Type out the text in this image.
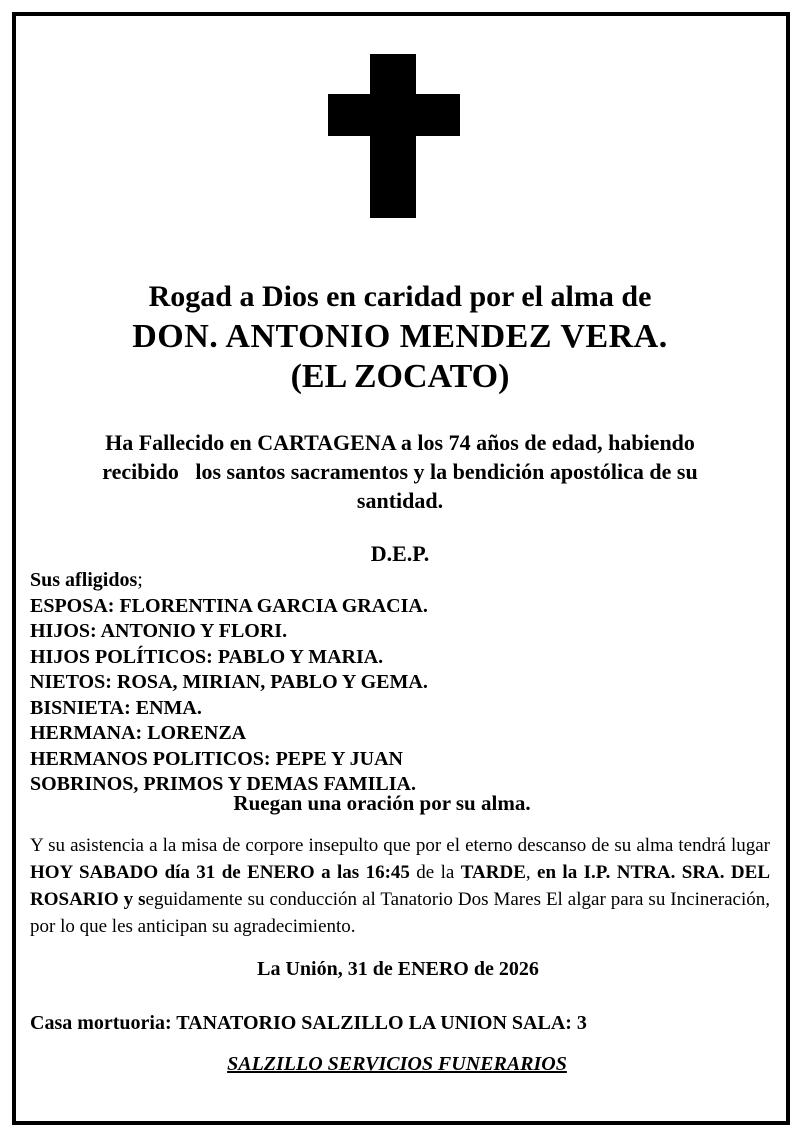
Rogad a Dios en caridad por el alma de
DON. ANTONIO MENDEZ VERA.
(EL ZOCATO)
Ha Fallecido en CARTAGENA a los 74 años de edad, habiendo
recibido   los santos sacramentos y la bendición apostólica de su
santidad.
D.E.P.
Sus afligidos;
ESPOSA: FLORENTINA GARCIA GRACIA.
HIJOS: ANTONIO Y FLORI.
HIJOS POLÍTICOS: PABLO Y MARIA.
NIETOS: ROSA, MIRIAN, PABLO Y GEMA.
BISNIETA: ENMA.
HERMANA: LORENZA
HERMANOS POLITICOS: PEPE Y JUAN
SOBRINOS, PRIMOS Y DEMAS FAMILIA.
Ruegan una oración por su alma.
Y su asistencia a la misa de corpore insepulto que por el eterno descanso de su alma tendrá lugar HOY SABADO día 31 de ENERO a las 16:45 de la TARDE, en la I.P. NTRA. SRA. DEL ROSARIO y seguidamente su conducción al Tanatorio Dos Mares El algar para su Incineración, por lo que les anticipan su agradecimiento.
La Unión, 31 de ENERO de 2026
Casa mortuoria: TANATORIO SALZILLO LA UNION SALA: 3
SALZILLO SERVICIOS FUNERARIOS
